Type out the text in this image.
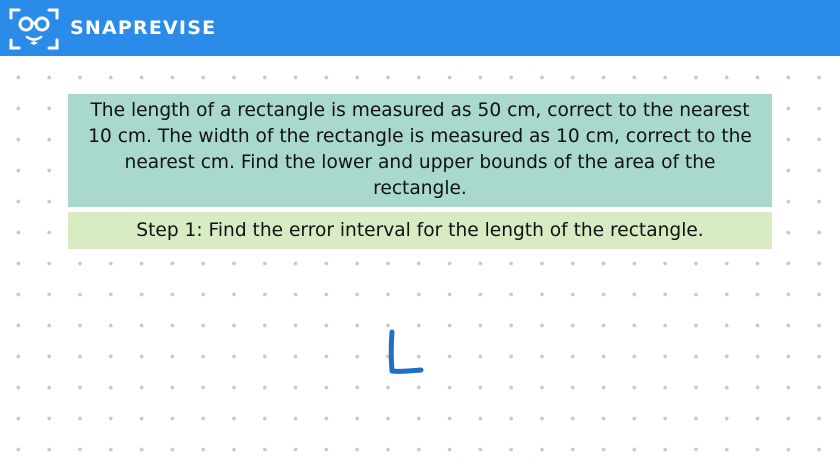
SNAPREVISE
The length of a rectangle is measured as 50 cm, correct to the nearest 10 cm. The width of the rectangle is measured as 10 cm, correct to the nearest cm. Find the lower and upper bounds of the area of the rectangle.
Step 1: Find the error interval for the length of the rectangle.
